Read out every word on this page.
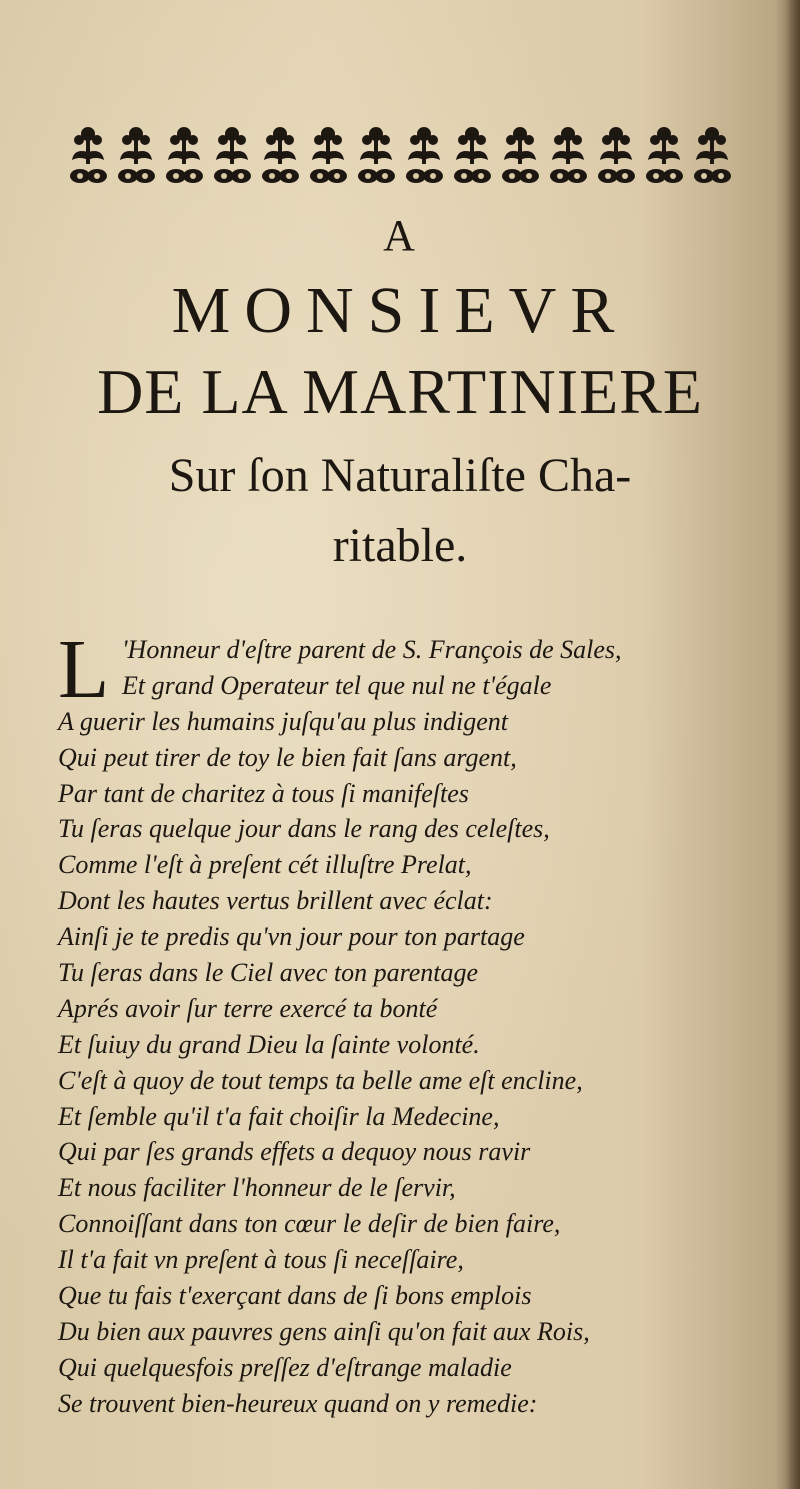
A
MONSIEVR
DE LA MARTINIERE
Sur ſon Naturaliſte Cha-
ritable.
L 'Honneur d'eſtre parent de S. François de Sales,
Et grand Operateur tel que nul ne t'égale
A guerir les humains juſqu'au plus indigent
Qui peut tirer de toy le bien fait ſans argent,
Par tant de charitez à tous ſi manifeſtes
Tu ſeras quelque jour dans le rang des celeſtes,
Comme l'eſt à preſent cét illuſtre Prelat,
Dont les hautes vertus brillent avec éclat:
Ainſi je te predis qu'vn jour pour ton partage
Tu ſeras dans le Ciel avec ton parentage
Aprés avoir ſur terre exercé ta bonté
Et ſuiuy du grand Dieu la ſainte volonté.
C'eſt à quoy de tout temps ta belle ame eſt encline,
Et ſemble qu'il t'a fait choiſir la Medecine,
Qui par ſes grands effets a dequoy nous ravir
Et nous faciliter l'honneur de le ſervir,
Connoiſſant dans ton cœur le deſir de bien faire,
Il t'a fait vn preſent à tous ſi neceſſaire,
Que tu fais t'exerçant dans de ſi bons emplois
Du bien aux pauvres gens ainſi qu'on fait aux Rois,
Qui quelquesfois preſſez d'eſtrange maladie
Se trouvent bien-heureux quand on y remedie:
